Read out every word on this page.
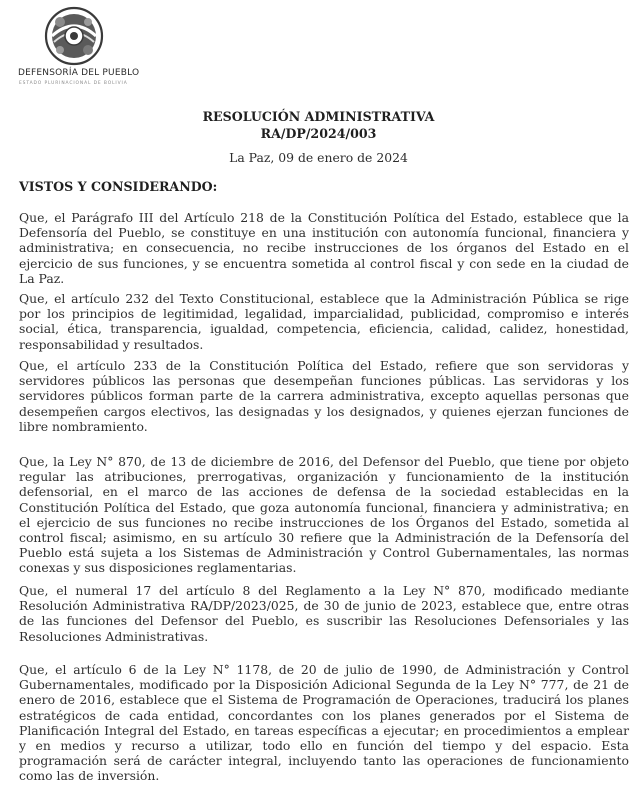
DEFENSORÍA DEL PUEBLO
ESTADO PLURINACIONAL DE BOLIVIA
RESOLUCIÓN ADMINISTRATIVA
RA/DP/2024/003
La Paz, 09 de enero de 2024
VISTOS Y CONSIDERANDO:

Que, el Parágrafo III del Artículo 218 de la Constitución Política del Estado, establece que la Defensoría del Pueblo, se constituye en una institución con autonomía funcional, financiera y administrativa; en consecuencia, no recibe instrucciones de los órganos del Estado en el ejercicio de sus funciones, y se encuentra sometida al control fiscal y con sede en la ciudad de La Paz.

Que, el artículo 232 del Texto Constitucional, establece que la Administración Pública se rige por los principios de legitimidad, legalidad, imparcialidad, publicidad, compromiso e interés social, ética, transparencia, igualdad, competencia, eficiencia, calidad, calidez, honestidad, responsabilidad y resultados.

Que, el artículo 233 de la Constitución Política del Estado, refiere que son servidoras y servidores públicos las personas que desempeñan funciones públicas. Las servidoras y los servidores públicos forman parte de la carrera administrativa, excepto aquellas personas que desempeñen cargos electivos, las designadas y los designados, y quienes ejerzan funciones de libre nombramiento.

Que, la Ley N° 870, de 13 de diciembre de 2016, del Defensor del Pueblo, que tiene por objeto regular las atribuciones, prerrogativas, organización y funcionamiento de la institución defensorial, en el marco de las acciones de defensa de la sociedad establecidas en la Constitución Política del Estado, que goza autonomía funcional, financiera y administrativa; en el ejercicio de sus funciones no recibe instrucciones de los Órganos del Estado, sometida al control fiscal; asimismo, en su artículo 30 refiere que la Administración de la Defensoría del Pueblo está sujeta a los Sistemas de Administración y Control Gubernamentales, las normas conexas y sus disposiciones reglamentarias.

Que, el numeral 17 del artículo 8 del Reglamento a la Ley N° 870, modificado mediante Resolución Administrativa RA/DP/2023/025, de 30 de junio de 2023, establece que, entre otras de las funciones del Defensor del Pueblo, es suscribir las Resoluciones Defensoriales y las Resoluciones Administrativas.

Que, el artículo 6 de la Ley N° 1178, de 20 de julio de 1990, de Administración y Control Gubernamentales, modificado por la Disposición Adicional Segunda de la Ley N° 777, de 21 de enero de 2016, establece que el Sistema de Programación de Operaciones, traducirá los planes estratégicos de cada entidad, concordantes con los planes generados por el Sistema de Planificación Integral del Estado, en tareas específicas a ejecutar; en procedimientos a emplear y en medios y recurso a utilizar, todo ello en función del tiempo y del espacio. Esta programación será de carácter integral, incluyendo tanto las operaciones de funcionamiento como las de inversión.
